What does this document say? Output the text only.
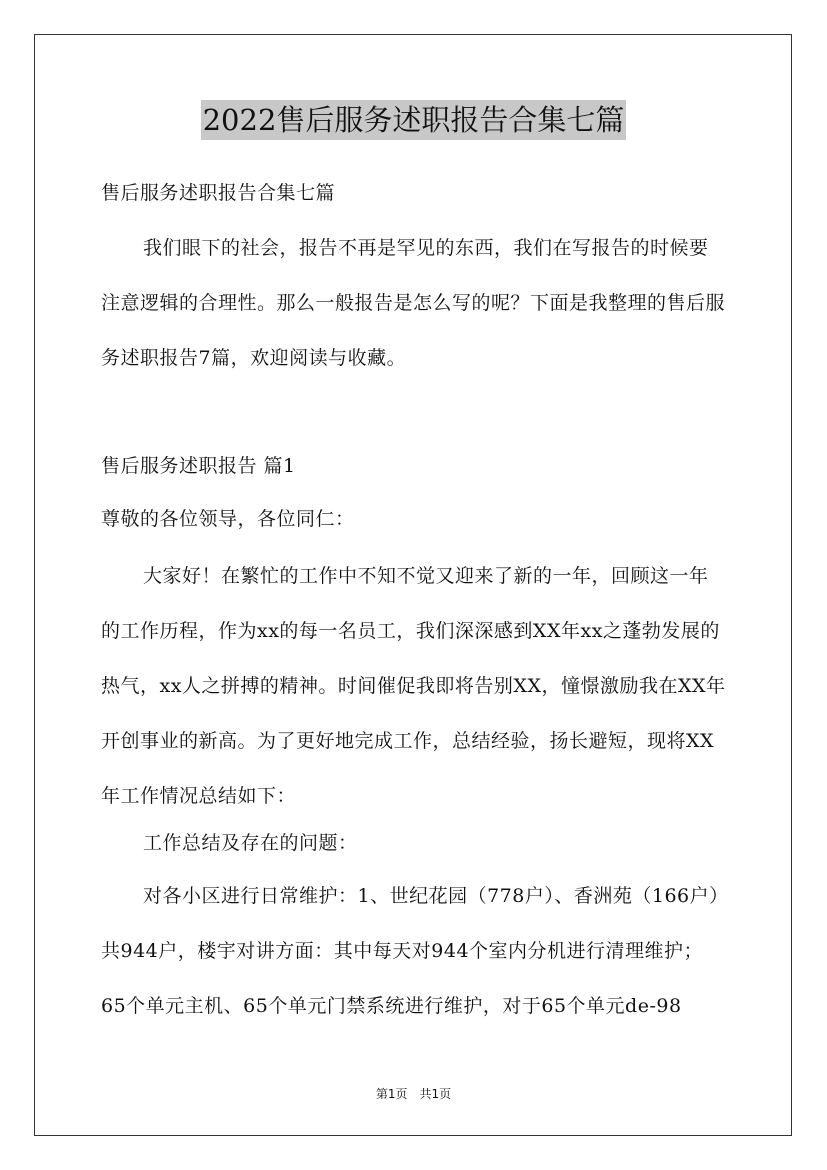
2022售后服务述职报告合集七篇

售后服务述职报告合集七篇

我们眼下的社会，报告不再是罕见的东西，我们在写报告的时候要注意逻辑的合理性。那么一般报告是怎么写的呢？下面是我整理的售后服务述职报告7篇，欢迎阅读与收藏。

售后服务述职报告 篇1

尊敬的各位领导，各位同仁：

大家好！在繁忙的工作中不知不觉又迎来了新的一年，回顾这一年的工作历程，作为xx的每一名员工，我们深深感到XX年xx之蓬勃发展的热气，xx人之拼搏的精神。时间催促我即将告别XX，憧憬激励我在XX年开创事业的新高。为了更好地完成工作，总结经验，扬长避短，现将XX年工作情况总结如下：

工作总结及存在的问题：

对各小区进行日常维护：1、世纪花园（778户）、香洲苑（166户）共944户，楼宇对讲方面：其中每天对944个室内分机进行清理维护；65个单元主机、65个单元门禁系统进行维护，对于65个单元de-98

第1页　共1页
